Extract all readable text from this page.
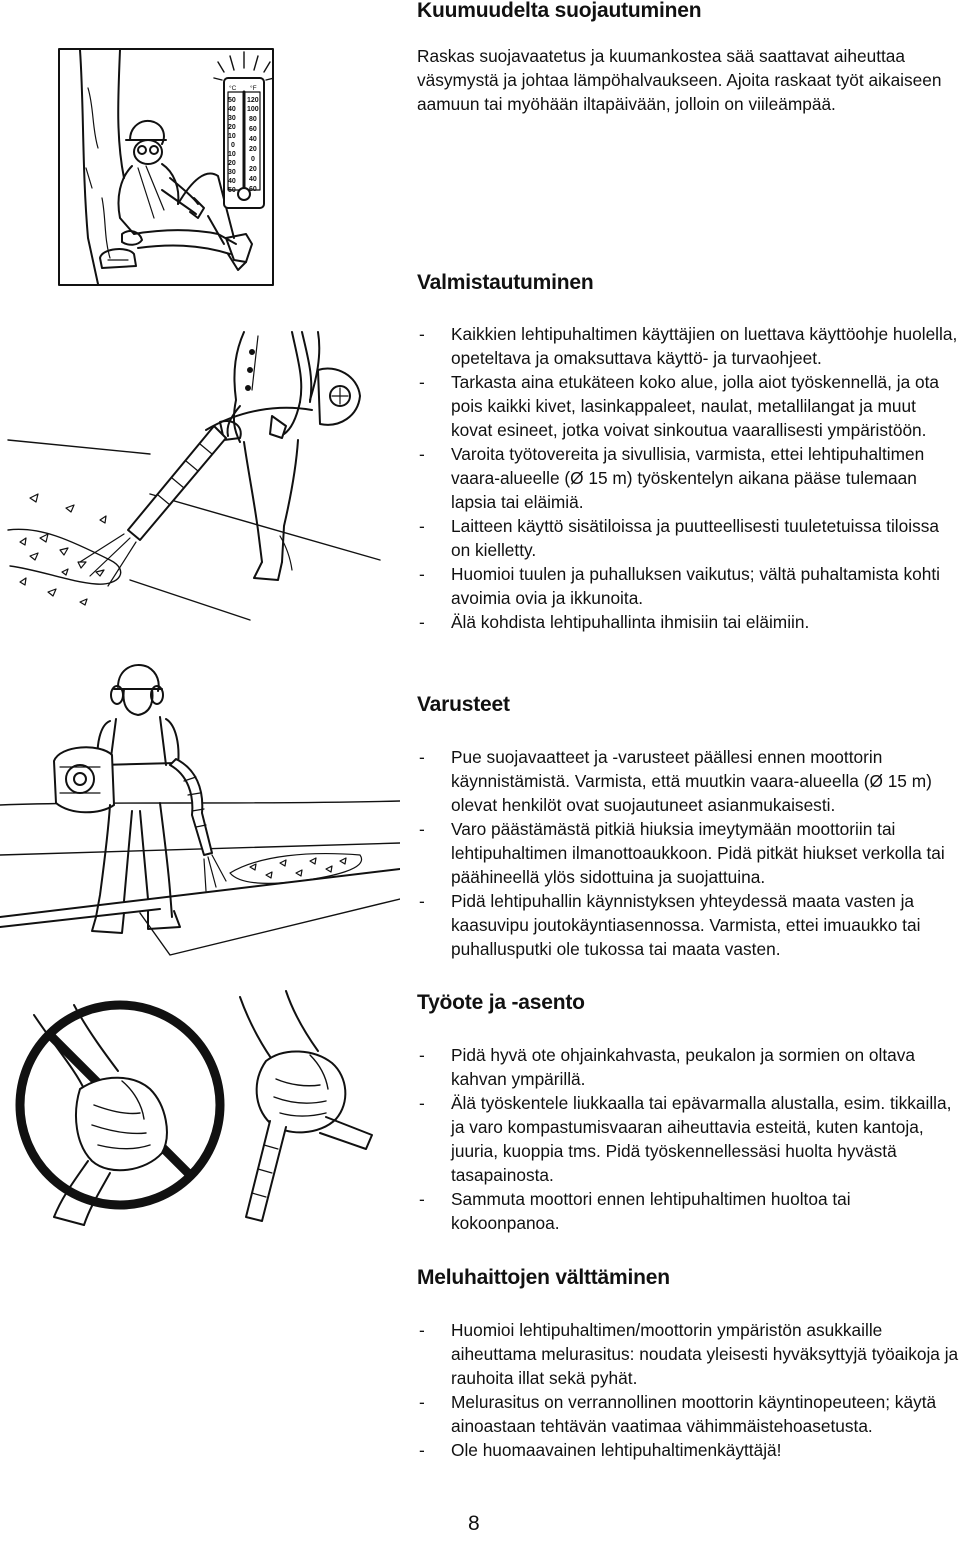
Kuumuudelta suojautuminen

Raskas suojavaatetus ja kuumankostea sää saattavat aiheuttaa väsymystä ja johtaa lämpöhalvaukseen. Ajoita raskaat työt aikaiseen aamuun tai myöhään iltapäivään, jolloin on viileämpää.

Valmistautuminen
- Kaikkien lehtipuhaltimen käyttäjien on luettava käyttöohje huolella, opeteltava ja omaksuttava käyttö- ja turvaohjeet.
- Tarkasta aina etukäteen koko alue, jolla aiot työskennellä, ja ota pois kaikki kivet, lasinkappaleet, naulat, metallilangat ja muut kovat esineet, jotka voivat sinkoutua vaarallisesti ympäristöön.
- Varoita työtovereita ja sivullisia, varmista, ettei lehtipuhaltimen vaara-alueelle (Ø 15 m) työskentelyn aikana pääse tulemaan lapsia tai eläimiä.
- Laitteen käyttö sisätiloissa ja puutteellisesti tuuletetuissa tiloissa on kielletty.
- Huomioi tuulen ja puhalluksen vaikutus; vältä puhaltamista kohti avoimia ovia ja ikkunoita.
- Älä kohdista lehtipuhallinta ihmisiin tai eläimiin.
Varusteet
- Pue suojavaatteet ja -varusteet päällesi ennen moottorin käynnistämistä. Varmista, että muutkin vaara-alueella (Ø 15 m) olevat henkilöt ovat suojautuneet asianmukaisesti.
- Varo päästämästä pitkiä hiuksia imeytymään moottoriin tai lehtipuhaltimen ilmanottoaukkoon. Pidä pitkät hiukset verkolla tai päähineellä ylös sidottuina ja suojattuina.
- Pidä lehtipuhallin käynnistyksen yhteydessä maata vasten ja kaasuvipu joutokäyntiasennossa. Varmista, ettei imuaukko tai puhallusputki ole tukossa tai maata vasten.
Työote ja -asento
- Pidä hyvä ote ohjainkahvasta, peukalon ja sormien on oltava kahvan ympärillä.
- Älä työskentele liukkaalla tai epävarmalla alustalla, esim. tikkailla, ja varo kompastumisvaaran aiheuttavia esteitä, kuten kantoja, juuria, kuoppia tms. Pidä työskennellessäsi huolta hyvästä tasapainosta.
- Sammuta moottori ennen lehtipuhaltimen huoltoa tai kokoonpanoa.
Meluhaittojen välttäminen
- Huomioi lehtipuhaltimen/moottorin ympäristön asukkaille aiheuttama melurasitus: noudata yleisesti hyväksyttyjä työaikoja ja rauhoita illat sekä pyhät.
- Melurasitus on verrannollinen moottorin käyntinopeuteen; käytä ainoastaan tehtävän vaatimaa vähimmäistehoasetusta.
- Ole huomaavainen lehtipuhaltimenkäyttäjä!
8
°C °F
50
40
30
20
10
0
10
20
30
40
50
120
100
80
60
40
20
0
20
40
60
